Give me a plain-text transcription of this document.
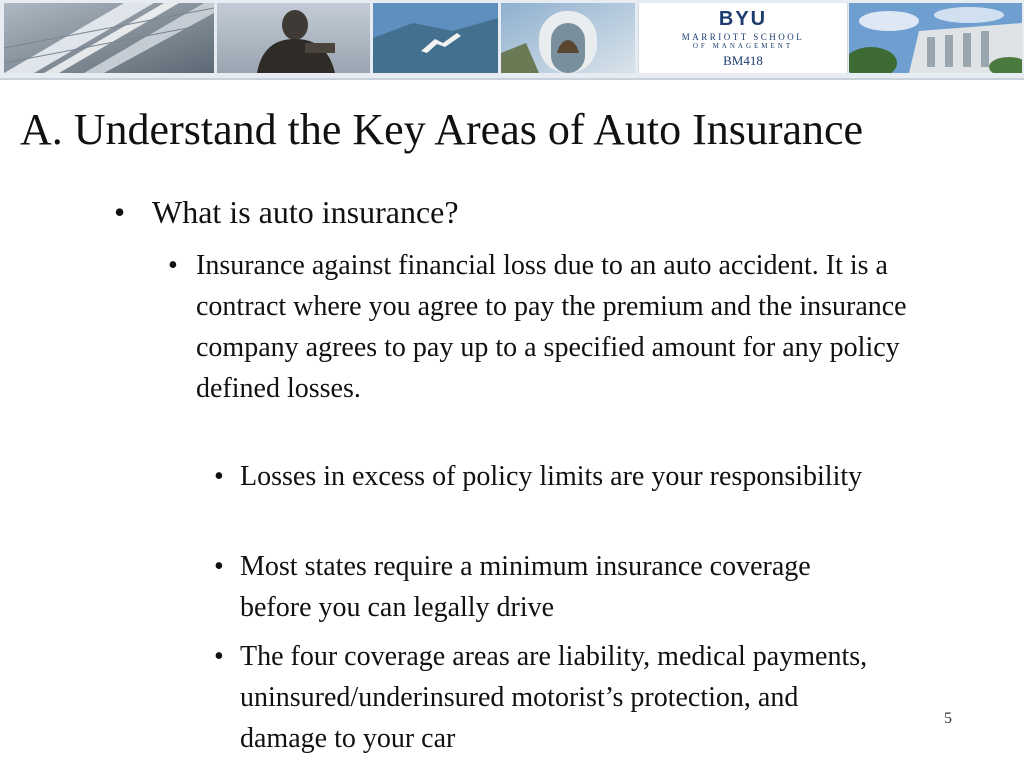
BYU
MARRIOTT SCHOOL
OF MANAGEMENT
BM418
A. Understand the Key Areas of Auto Insurance
• What is auto insurance?
• Insurance against financial loss due to an auto accident. It is a contract where you agree to pay the premium and the insurance company agrees to pay up to a specified amount for any policy defined losses.
• Losses in excess of policy limits are your responsibility
• Most states require a minimum insurance coverage before you can legally drive
• The four coverage areas are liability, medical payments, uninsured/underinsured motorist’s protection, and damage to your car
5
